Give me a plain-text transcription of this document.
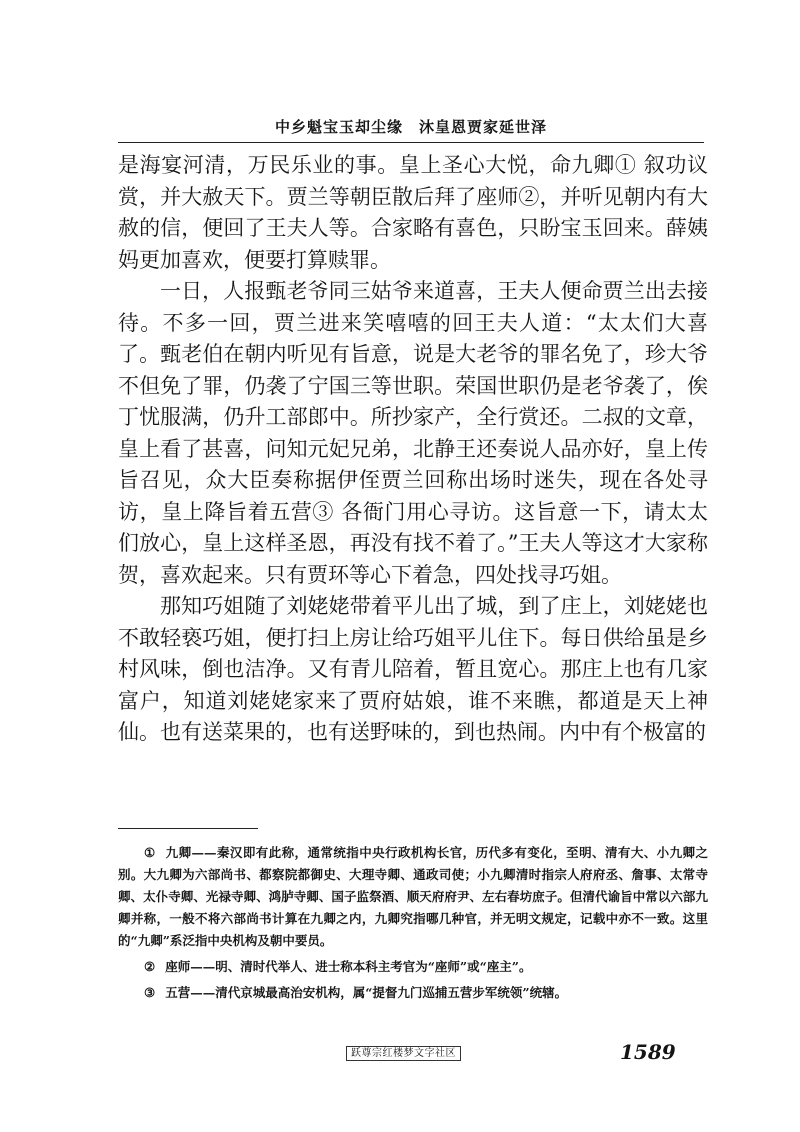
中乡魁宝玉却尘缘　沐皇恩贾家延世泽

是海宴河清，万民乐业的事。皇上圣心大悦，命九卿① 叙功议赏，并大赦天下。贾兰等朝臣散后拜了座师②，并听见朝内有大赦的信，便回了王夫人等。合家略有喜色，只盼宝玉回来。薛姨妈更加喜欢，便要打算赎罪。

一日，人报甄老爷同三姑爷来道喜，王夫人便命贾兰出去接待。不多一回，贾兰进来笑嘻嘻的回王夫人道：“太太们大喜了。甄老伯在朝内听见有旨意，说是大老爷的罪名免了，珍大爷不但免了罪，仍袭了宁国三等世职。荣国世职仍是老爷袭了，俟丁忧服满，仍升工部郎中。所抄家产，全行赏还。二叔的文章，皇上看了甚喜，问知元妃兄弟，北静王还奏说人品亦好，皇上传旨召见，众大臣奏称据伊侄贾兰回称出场时迷失，现在各处寻访，皇上降旨着五营③ 各衙门用心寻访。这旨意一下，请太太们放心，皇上这样圣恩，再没有找不着了。”王夫人等这才大家称贺，喜欢起来。只有贾环等心下着急，四处找寻巧姐。

那知巧姐随了刘姥姥带着平儿出了城，到了庄上，刘姥姥也不敢轻亵巧姐，便打扫上房让给巧姐平儿住下。每日供给虽是乡村风味，倒也洁净。又有青儿陪着，暂且宽心。那庄上也有几家富户，知道刘姥姥家来了贾府姑娘，谁不来瞧，都道是天上神仙。也有送菜果的，也有送野味的，到也热闹。内中有个极富的

① 九卿——秦汉即有此称，通常统指中央行政机构长官，历代多有变化，至明、清有大、小九卿之别。大九卿为六部尚书、都察院都御史、大理寺卿、通政司使；小九卿清时指宗人府府丞、詹事、太常寺卿、太仆寺卿、光禄寺卿、鸿胪寺卿、国子监祭酒、顺天府府尹、左右春坊庶子。但清代谕旨中常以六部九卿并称，一般不将六部尚书计算在九卿之内，九卿究指哪几种官，并无明文规定，记载中亦不一致。这里的“九卿”系泛指中央机构及朝中要员。

② 座师——明、清时代举人、进士称本科主考官为“座师”或“座主”。

③ 五营——清代京城最高治安机构，属“提督九门巡捕五营步军统领”统辖。

跃尊宗红楼梦文字社区	1589
